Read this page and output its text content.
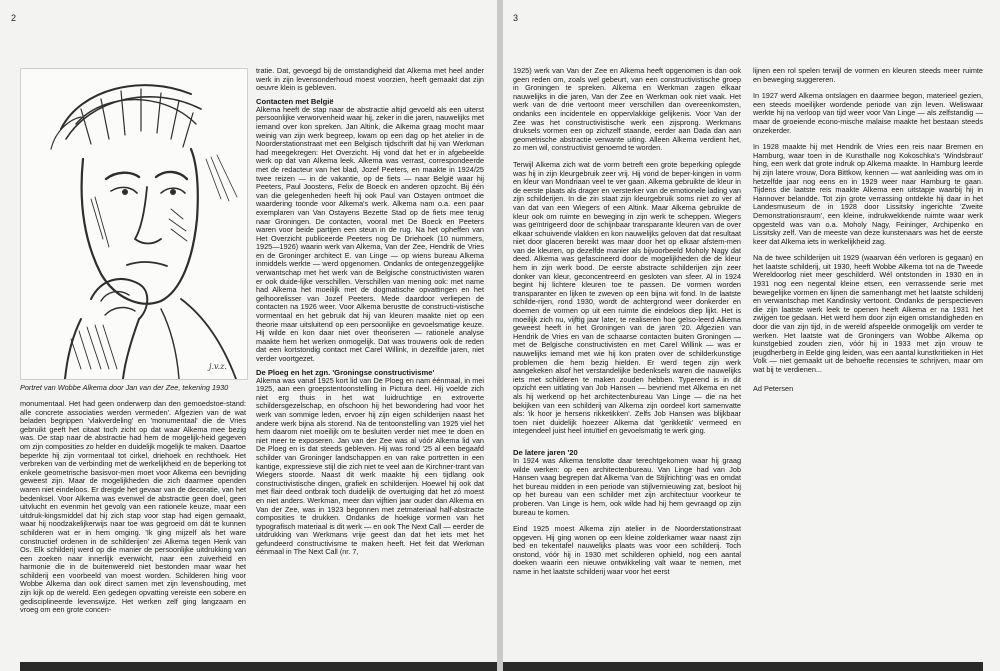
2
j.v.z.
Portret van Wobbe Alkema door Jan van der Zee, tekening 1930

monumentaal. Het had geen onderwerp dan den gemoedstoe-stand: alle concrete associaties werden vermeden'. Afgezien van de wat beladen begrippen 'vlakverdeling' en 'monumentaal' die de Vries gebruikt geeft het citaat toch zicht op dat waar Alkema mee bezig was. De stap naar de abstractie had hem de mogelijk-heid gegeven om zijn composities zo helder en duidelijk mogelijk te maken. Daartoe beperkte hij zijn vormentaal tot cirkel, driehoek en rechthoek. Het verbreken van de verbinding met de werkelijkheid en de beperking tot enkele geometrische basisvor-men moet voor Alkema een bevrijding geweest zijn. Maar de mogelijkheden die zich daarmee openden waren niet eindeloos. Er dreigde het gevaar van de decoratie, van het bedenksel. Voor Alkema was evenwel de abstractie geen doel, geen uitvlucht en evenmin het gevolg van een rationele keuze, maar een uitdruk-kingsmiddel dat hij zich stap voor stap had eigen gemaakt, waar hij noodzakelijkerwijs naar toe was gegroeid om dát te kunnen schilderen wat er in hem omging. 'Ik ging mijzelf als het ware constructief ordenen in de schilderijen' zei Alkema tegen Henk van Os. Elk schilderij werd op die manier de persoonlijke uitdrukking van een zoeken naar innerlijk evenwicht, naar een zuiverheid en harmonie die in de buitenwereld niet bestonden maar waar het schilderij een voorbeeld van moest worden. Schilderen hing voor Wobbe Alkema dan ook direct samen met zijn levenshouding, met zijn kijk op de wereld. Een gedegen opvatting vereiste een sobere en gedisciplineerde levenswijze. Het werken zelf ging langzaam en vroeg om een grote concen-

tratie. Dat, gevoegd bij de omstandigheid dat Alkema met heel ander werk in zijn levensonderhoud moest voorzien, heeft gemaakt dat zijn oeuvre klein is gebleven.

Contacten met België

Alkema heeft de stap naar de abstractie altijd gevoeld als een uiterst persoonlijke verworvenheid waar hij, zeker in die jaren, nauwelijks met iemand over kon spreken. Jan Altink, die Alkema graag mocht maar weinig van zijn werk begreep, kwam op een dag op het atelier in de Noorderstationstraat met een Belgisch tijdschrift dat hij van Werkman had meegekregen: Het Overzicht. Hij vond dat het er in afgebeelde werk op dat van Alkema leek. Alkema was verrast, correspondeerde met de redacteur van het blad, Jozef Peeters, en maakte in 1924/25 twee reizen — in de vakantie, op de fiets — naar België waar hij Peeters, Paul Joostens, Felix de Boeck en anderen opzocht. Bij één van die gelegenheden heeft hij ook Paul van Ostayen ontmoet die waardering toonde voor Alkema's werk. Alkema nam o.a. een paar exemplaren van Van Ostayens Bezette Stad op de fiets mee terug naar Groningen. De contacten, vooral met De Boeck en Peeters waren voor beide partijen een steun in de rug. Na het opheffen van Het Overzicht publiceerde Peeters nog De Driehoek (10 nummers, 1925—1926) waarin werk van Alkema, Van der Zee, Hendrik de Vries en de Groninger architect E. van Linge — op wiens bureau Alkema inmiddels werkte — werd opgenomen. Ondanks de ontegenzeggelijke verwantschap met het werk van de Belgische constructivisten waren er ook duide-lijke verschillen. Verschillen van mening ook: met name had Alkema het moeilijk met de dogmatische opvattingen en het gelhoorelisser van Jozef Peeters. Mede daardoor verliepen de contacten na 1926 weer. Voor Alkema berustte de constructi-vistische vormentaal en het gebruik dat hij van kleuren maakte niet op een theorie maar uitsluitend op een persoonlijke en gevoelsmatige keuze. Hij wilde en kon daar niet over theoriseren — rationele analyse maakte hem het werken onmogelijk. Dat was trouwens ook de reden dat een kortstondig contact met Carel Willink, in dezelfde jaren, niet verder voortgezet.

De Ploeg en het zgn. 'Groningse constructivisme'

Alkema was vanaf 1925 kort lid van De Ploeg en nam éénmaal, in mei 1925, aan een groepstentoonstelling in Pictura deel. Hij voelde zich niet erg thuis in het wat luidruchtige en extroverte schildersgezelschap, en ofschoon hij het bewondering had voor het werk van sommige leden, ervoer hij zijn eigen schilderijen naast het andere werk bijna als storend. Na de tentoonstelling van 1925 viel het hem daarom niet moeilijk om te besluiten verder niet mee te doen en niet meer te exposeren. Jan van der Zee was al vóór Alkema lid van De Ploeg en is dat steeds gebleven. Hij was rond '25 al een begaafd schilder van Groninger landschappen en van rake portretten in een kantige, expressieve stijl die zich niet te veel aan de Kirchner-trant van Wiegers stoorde. Naast dit werk maakte hij een tijdlang ook constructivistische dingen, grafiek en schilderijen. Hoewel hij ook dat met flair deed ontbrak toch duidelijk de overtuiging dat het zó moest en niet anders. Werkman, meer dan vijftien jaar ouder dan Alkema en Van der Zee, was in 1923 begonnen met zetmateriaal half-abstracte composities te drukken. Ondanks de hoekige vormen van het typografisch materiaal is dit werk — en ook The Next Call — eerder de uitdrukking van Werkmans vrije geest dan dat het iets met het gefundeerd constructivisme te maken heeft. Het feit dat Werkman éénmaal in The Next Call (nr. 7,

3

1925) werk van Van der Zee en Alkema heeft opgenomen is dan ook geen reden om, zoals wel gebeurt, van een constructivistische groep in Groningen te spreken. Alkema en Werkman zagen elkaar nauwelijks in die jaren, Van der Zee en Werkman ook niet vaak. Het werk van de drie vertoont meer verschillen dan overeenkomsten, ondanks een incidentele en oppervlakkige gelijkenis. Voor Van der Zee was het constructivistische werk een zijsprong. Werkmans druksels vormen een op zichzelf staande, eerder aan Dada dan aan geometrische abstractie verwante uiting. Alleen Alkema verdient het, zo men wil, constructivist genoemd te worden.

Terwijl Alkema zich wat de vorm betreft een grote beperking oplegde was hij in zijn kleurgebruik zeer vrij. Hij vond de beper-kingen in vorm en kleur van Mondriaan veel te ver gaan. Alkema gebruikte de kleur in de eerste plaats als drager en versterker van de emotionele lading van zijn schilderijen. In die zin staat zijn kleurgebruik soms niet zo ver af van dat van een Wiegers of een Altink. Maar Alkema gebruikte de kleur ook om ruimte en beweging in zijn werk te scheppen. Wiegers was geïntrigeerd door de schijnbaar transparante kleuren van de over elkaar schuivende vlakken en kon nauwelijks geloven dat dat resultaat niet door glaceren bereikt was maar door het op elkaar afstem-men van de kleuren, op dezelfde manier als bijvoorbeeld Moholy Nagy dat deed. Alkema was gefascineerd door de mogelijkheden die de kleur hem in zijn werk bood. De eerste abstracte schilderijen zijn zeer donker van kleur, geconcentreerd en gesloten van sfeer. Al in 1924 begint hij lichtere kleuren toe te passen. De vormen worden transparanter en lijken te zweven op een bijna wit fond. In de laatste schilde-rijen, rond 1930, wordt de achtergrond weer donkerder en doemen de vormen op uit een ruimte die eindeloos diep lijkt. Het is moeilijk zich nu, vijftig jaar later, te realiseren hoe geïso-leerd Alkema geweest heeft in het Groningen van de jaren '20. Afgezien van Hendrik de Vries en van de schaarse contacten buiten Groningen — met de Belgische constructivisten en met Carel Willink — was er nauwelijks iemand met wie hij kon praten over de schilderkunstige problemen die hem bezig hielden. Er werd tegen zijn werk aangekeken alsof het verstandelijke bedenksels waren die nauwelijks iets met schilderen te maken zouden hebben. Typerend is in dit opzicht een uitlating van Job Hansen — bevriend met Alkema en net als hij werkend op het architectenbureau Van Linge — die na het bekijken van een schilderij van Alkema zijn oordeel kort samenvatte als: 'ik hoor je hersens rikketikken'. Zelfs Job Hansen was blijkbaar toen niet duidelijk hoezeer Alkema dat 'gerikketik' vermeed en integendeel juist heel intuïtief en gevoelsmatig te werk ging.

De latere jaren '20

In 1924 was Alkema tenslotte daar terechtgekomen waar hij graag wilde werken: op een architectenbureau. Van Linge had van Job Hansen vaag begrepen dat Alkema 'van de Stijlrichting' was en omdat het bureau midden in een periode van stijlvernieuwing zat, besloot hij op het bureau van een schilder met zijn architectuur voorkeur te proberen. Van Linge is hem, ook wilde had hij hem gevraagd op zijn bureau te komen.

Eind 1925 moest Alkema zijn atelier in de Noorderstationstraat opgeven. Hij ging wonen op een kleine zolderkamer waar naast zijn bed en tekentafel nauwelijks plaats was voor een schilderij. Toch onstond, vóór hij in 1930 met schilderen ophield, nog een aantal doeken waarin een nieuwe ontwikkeling valt waar te nemen, met name in het laatste schilderij waar voor het eerst

lijnen een rol spelen terwijl de vormen en kleuren steeds meer ruimte en beweging suggereren.

In 1927 werd Alkema ontslagen en daarmee begon, materieel gezien, een steeds moeilijker wordende periode van zijn leven. Weliswaar werkte hij na verloop van tijd weer voor Van Linge — als zelfstandig — maar de groeiende econo-mische malaise maakte het bestaan steeds onzekerder.

In 1928 maakte hij met Hendrik de Vries een reis naar Bremen en Hamburg, waar toen in de Kunsthalle nog Kokoschka's 'Windsbraut' hing, een werk dat grote indruk op Alkema maakte. In Hamburg leerde hij zijn latere vrouw, Dora Bittkow, kennen — wat aanleiding was om in hetzelfde jaar nog eens en in 1929 weer naar Hamburg te gaan. Tijdens die laatste reis maakte Alkema een uitstapje waarbij hij in Hannover belandde. Tot zijn grote verrassing ontdekte hij daar in het Landesmuseum de in 1928 door Lissitsky ingerichte 'Zweite Demonstrationsraum', een kleine, indrukwekkende ruimte waar werk opgesteld was van o.a. Moholy Nagy, Feininger, Archipenko en Lissitsky zelf. Van de meeste van deze kunstenaars was het de eerste keer dat Alkema iets in werkelijkheid zag.

Na de twee schilderijen uit 1929 (waarvan één verloren is gegaan) en het laatste schilderij, uit 1930, heeft Wobbe Alkema tot na de Tweede Wereldoorlog niet meer geschilderd. Wél ontstonden in 1930 en in 1931 nog een negental kleine etsen, een verrassende serie met bewegelijke vormen en lijnen die samenhangt met het laatste schilderij en verwantschap met Kandinsky vertoont. Ondanks de perspectieven die zijn laatste werk leek te openen heeft Alkema er na 1931 het zwijgen toe gedaan. Het werd hem door zijn eigen omstandigheden en door die van zijn tijd, in de wereld afspeelde onmogelijk om verder te werken. Het laatste wat de Groningers van Wobbe Alkema op kunstgebied zouden zien, vóór hij in 1933 met zijn vrouw te jeugdherberg in Eelde ging leiden, was een aantal kunstkritieken in Het Volk — niet gemaakt uit de behoefte recensies te schrijven, maar om wat bij te verdienen...

Ad Petersen
